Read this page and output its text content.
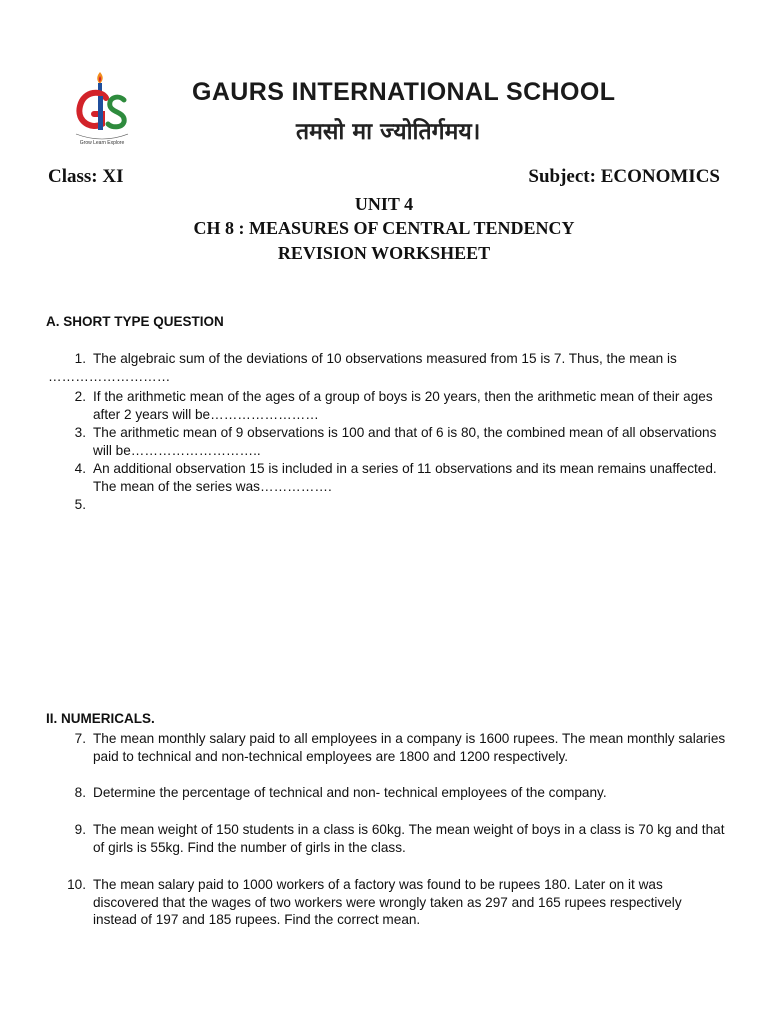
Grow Learn Explore
GAURS INTERNATIONAL SCHOOL
तमसो मा ज्योतिर्गमय।
Class: XI	Subject: ECONOMICS
UNIT 4
CH 8 : MEASURES OF CENTRAL TENDENCY
REVISION WORKSHEET
A. SHORT TYPE QUESTION
1. The algebraic sum of the deviations of 10 observations measured from 15 is 7. Thus, the mean is
………………………
2. If the arithmetic mean of the ages of a group of boys is 20 years, then the arithmetic mean of their ages after 2 years will be……………………
3. The arithmetic mean of 9 observations is 100 and that of 6 is 80, the combined mean of all observations will be………………………..
4. An additional observation 15 is included in a series of 11 observations and its mean remains unaffected. The mean of the series was…………….
5.
II. NUMERICALS.
7. The mean monthly salary paid to all employees in a company is 1600 rupees. The mean monthly salaries paid to technical and non-technical employees are 1800 and 1200 respectively.
8. Determine the percentage of technical and non- technical employees of the company.
9. The mean weight of 150 students in a class is 60kg. The mean weight of boys in a class is 70 kg and that of girls is 55kg. Find the number of girls in the class.
10. The mean salary paid to 1000 workers of a factory was found to be rupees 180. Later on it was discovered that the wages of two workers were wrongly taken as 297 and 165 rupees respectively instead of 197 and 185 rupees. Find the correct mean.
